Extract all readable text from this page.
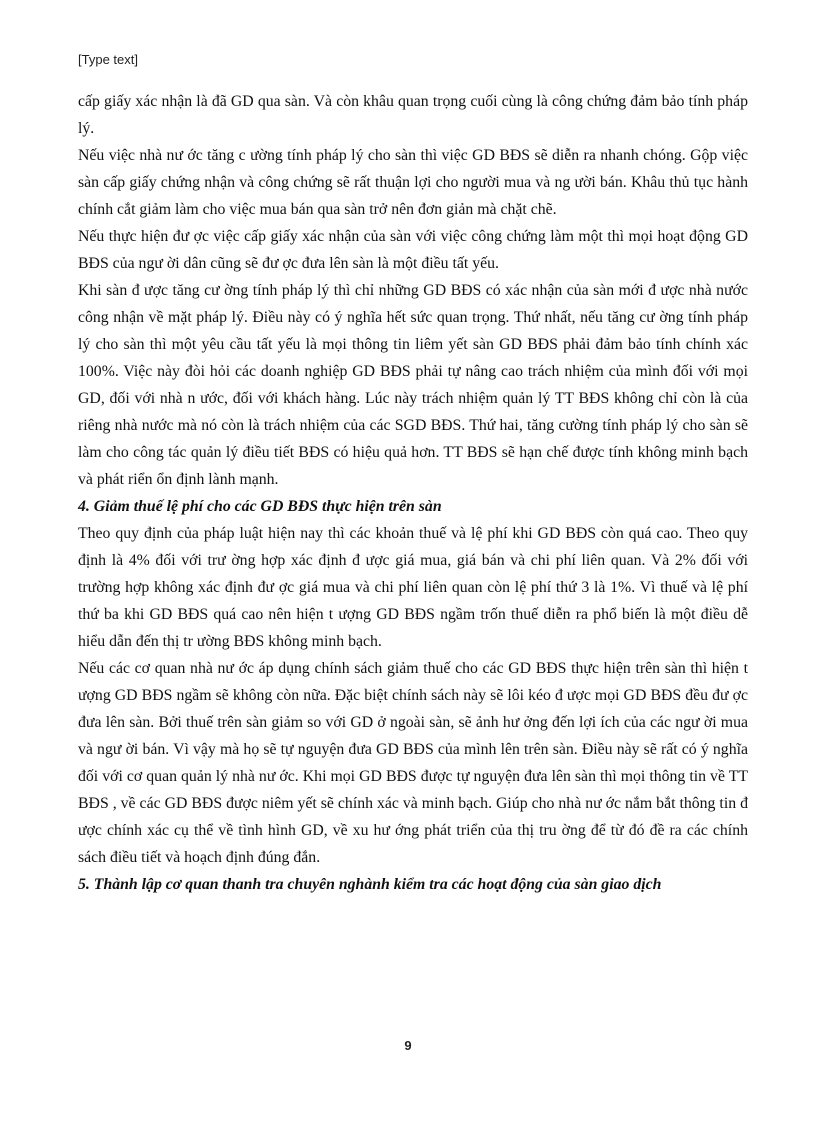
[Type text]

cấp giấy xác nhận là đã GD qua sàn. Và còn khâu quan trọng cuối cùng là công chứng đảm bảo tính pháp lý.

Nếu việc nhà nư ớc tăng c ường tính pháp lý cho sàn thì việc GD BĐS sẽ diễn ra nhanh chóng. Gộp việc sàn cấp giấy chứng nhận và công chứng sẽ rất thuận lợi cho người mua và ng ười bán. Khâu thủ tục hành chính cắt giảm làm cho việc mua bán qua sàn trở nên đơn giản mà chặt chẽ.

Nếu thực hiện đư ợc việc cấp giấy xác nhận của sàn với việc công chứng làm một thì mọi hoạt động GD BĐS của ngư ời dân cũng sẽ đư ợc đưa lên sàn là một điều tất yếu.

Khi sàn đ ược tăng cư ờng tính pháp lý thì chỉ những GD BĐS có xác nhận của sàn mới đ ược nhà nước công nhận về mặt pháp lý. Điều này có ý nghĩa hết sức quan trọng. Thứ nhất, nếu tăng cư ờng tính pháp lý cho sàn thì một yêu cầu tất yếu là mọi thông tin liêm yết sàn GD BĐS phải đảm bảo tính chính xác 100%. Việc này đòi hỏi các doanh nghiệp GD BĐS phải tự nâng cao trách nhiệm của mình đối với mọi GD, đối với nhà n ước, đối với khách hàng. Lúc này trách nhiệm quản lý TT BĐS không chỉ còn là của riêng nhà nước mà nó còn là trách nhiệm của các SGD BĐS. Thứ hai, tăng cường tính pháp lý cho sàn sẽ làm cho công tác quản lý điều tiết BĐS có hiệu quả hơn. TT BĐS sẽ hạn chế được tính không minh bạch và phát riển ổn định lành mạnh.

4. Giảm thuế lệ phí cho các GD BĐS thực hiện trên sàn

Theo quy định của pháp luật hiện nay thì các khoản thuế và lệ phí khi GD BĐS còn quá cao. Theo quy định là 4% đối với trư ờng hợp xác định đ ược giá mua, giá bán và chi phí liên quan. Và 2% đối với trường hợp không xác định đư ợc giá mua và chi phí liên quan còn lệ phí thứ 3 là 1%. Vì thuế và lệ phí thứ ba khi GD BĐS quá cao nên hiện t ượng GD BĐS ngầm trốn thuế diễn ra phổ biến là một điều dễ hiểu dẫn đến thị tr ường BĐS không minh bạch.

Nếu các cơ quan nhà nư ớc áp dụng chính sách giảm thuế cho các GD BĐS thực hiện trên sàn thì hiện t ượng GD BĐS ngầm sẽ không còn nữa. Đặc biệt chính sách này sẽ lôi kéo đ ược mọi GD BĐS đều đư ợc đưa lên sàn. Bởi thuế trên sàn giảm so với GD ở ngoài sàn, sẽ ảnh hư ởng đến lợi ích của các ngư ời mua và ngư ời bán. Vì vậy mà họ sẽ tự nguyện đưa GD BĐS của mình lên trên sàn. Điều này sẽ rất có ý nghĩa đối với cơ quan quản lý nhà nư ớc. Khi mọi GD BĐS được tự nguyện đưa lên sàn thì mọi thông tin về TT BĐS , về các GD BĐS được niêm yết sẽ chính xác và minh bạch. Giúp cho nhà nư ớc nắm bắt thông tin đ ược chính xác cụ thể về tình hình GD, về xu hư ớng phát triển của thị tru ờng để từ đó đề ra các chính sách điều tiết và hoạch định đúng đắn.

5. Thành lập cơ quan thanh tra chuyên nghành kiểm tra các hoạt động của sàn giao dịch
9
